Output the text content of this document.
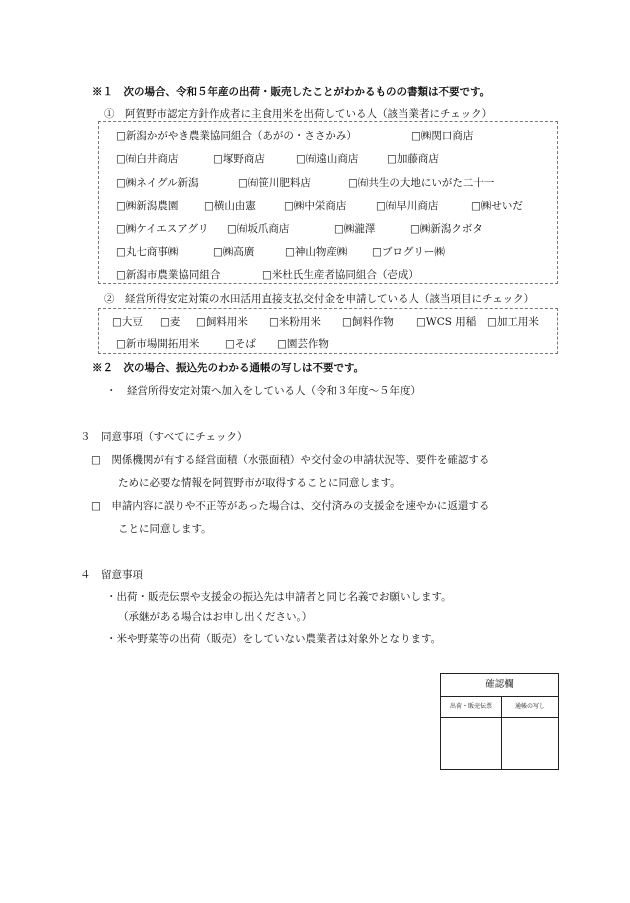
※１　次の場合、令和５年産の出荷・販売したことがわかるものの書類は不要です。
①　阿賀野市認定方針作成者に主食用米を出荷している人（該当業者にチェック）
□新潟かがやき農業協同組合（あがの・ささかみ）	□㈱関口商店
□㈲白井商店	□塚野商店	□㈲遠山商店	□加藤商店
□㈱ネイグル新潟	□㈲笹川肥料店	□㈲共生の大地にいがた二十一
□㈱新潟農園 □横山由憲	□㈱中栄商店	□㈲早川商店	□㈱せいだ
□㈱ケイエスアグリ □㈲坂爪商店	□㈱瀧澤	□㈱新潟クボタ
□丸七商事㈱	□㈱高廣	□神山物産㈱ □ブログリー㈱
□新潟市農業協同組合	□米杜氏生産者協同組合（壱成）
②　経営所得安定対策の水田活用直接支払交付金を申請している人（該当項目にチェック）
□大豆 □麦 □飼料用米 □米粉用米 □飼料作物 □WCS 用稲 □加工用米
□新市場開拓用米 □そば □園芸作物
※２　次の場合、振込先のわかる通帳の写しは不要です。
・　経営所得安定対策へ加入をしている人（令和３年度～５年度）
３　同意事項（すべてにチェック）
□　関係機関が有する経営面積（水張面積）や交付金の申請状況等、要件を確認する
ために必要な情報を阿賀野市が取得することに同意します。
□　申請内容に誤りや不正等があった場合は、交付済みの支援金を速やかに返還する
ことに同意します。
４　留意事項
・出荷・販売伝票や支援金の振込先は申請者と同じ名義でお願いします。
（承継がある場合はお申し出ください。）
・米や野菜等の出荷（販売）をしていない農業者は対象外となります。
確認欄
出荷・販売伝票	通帳の写し
